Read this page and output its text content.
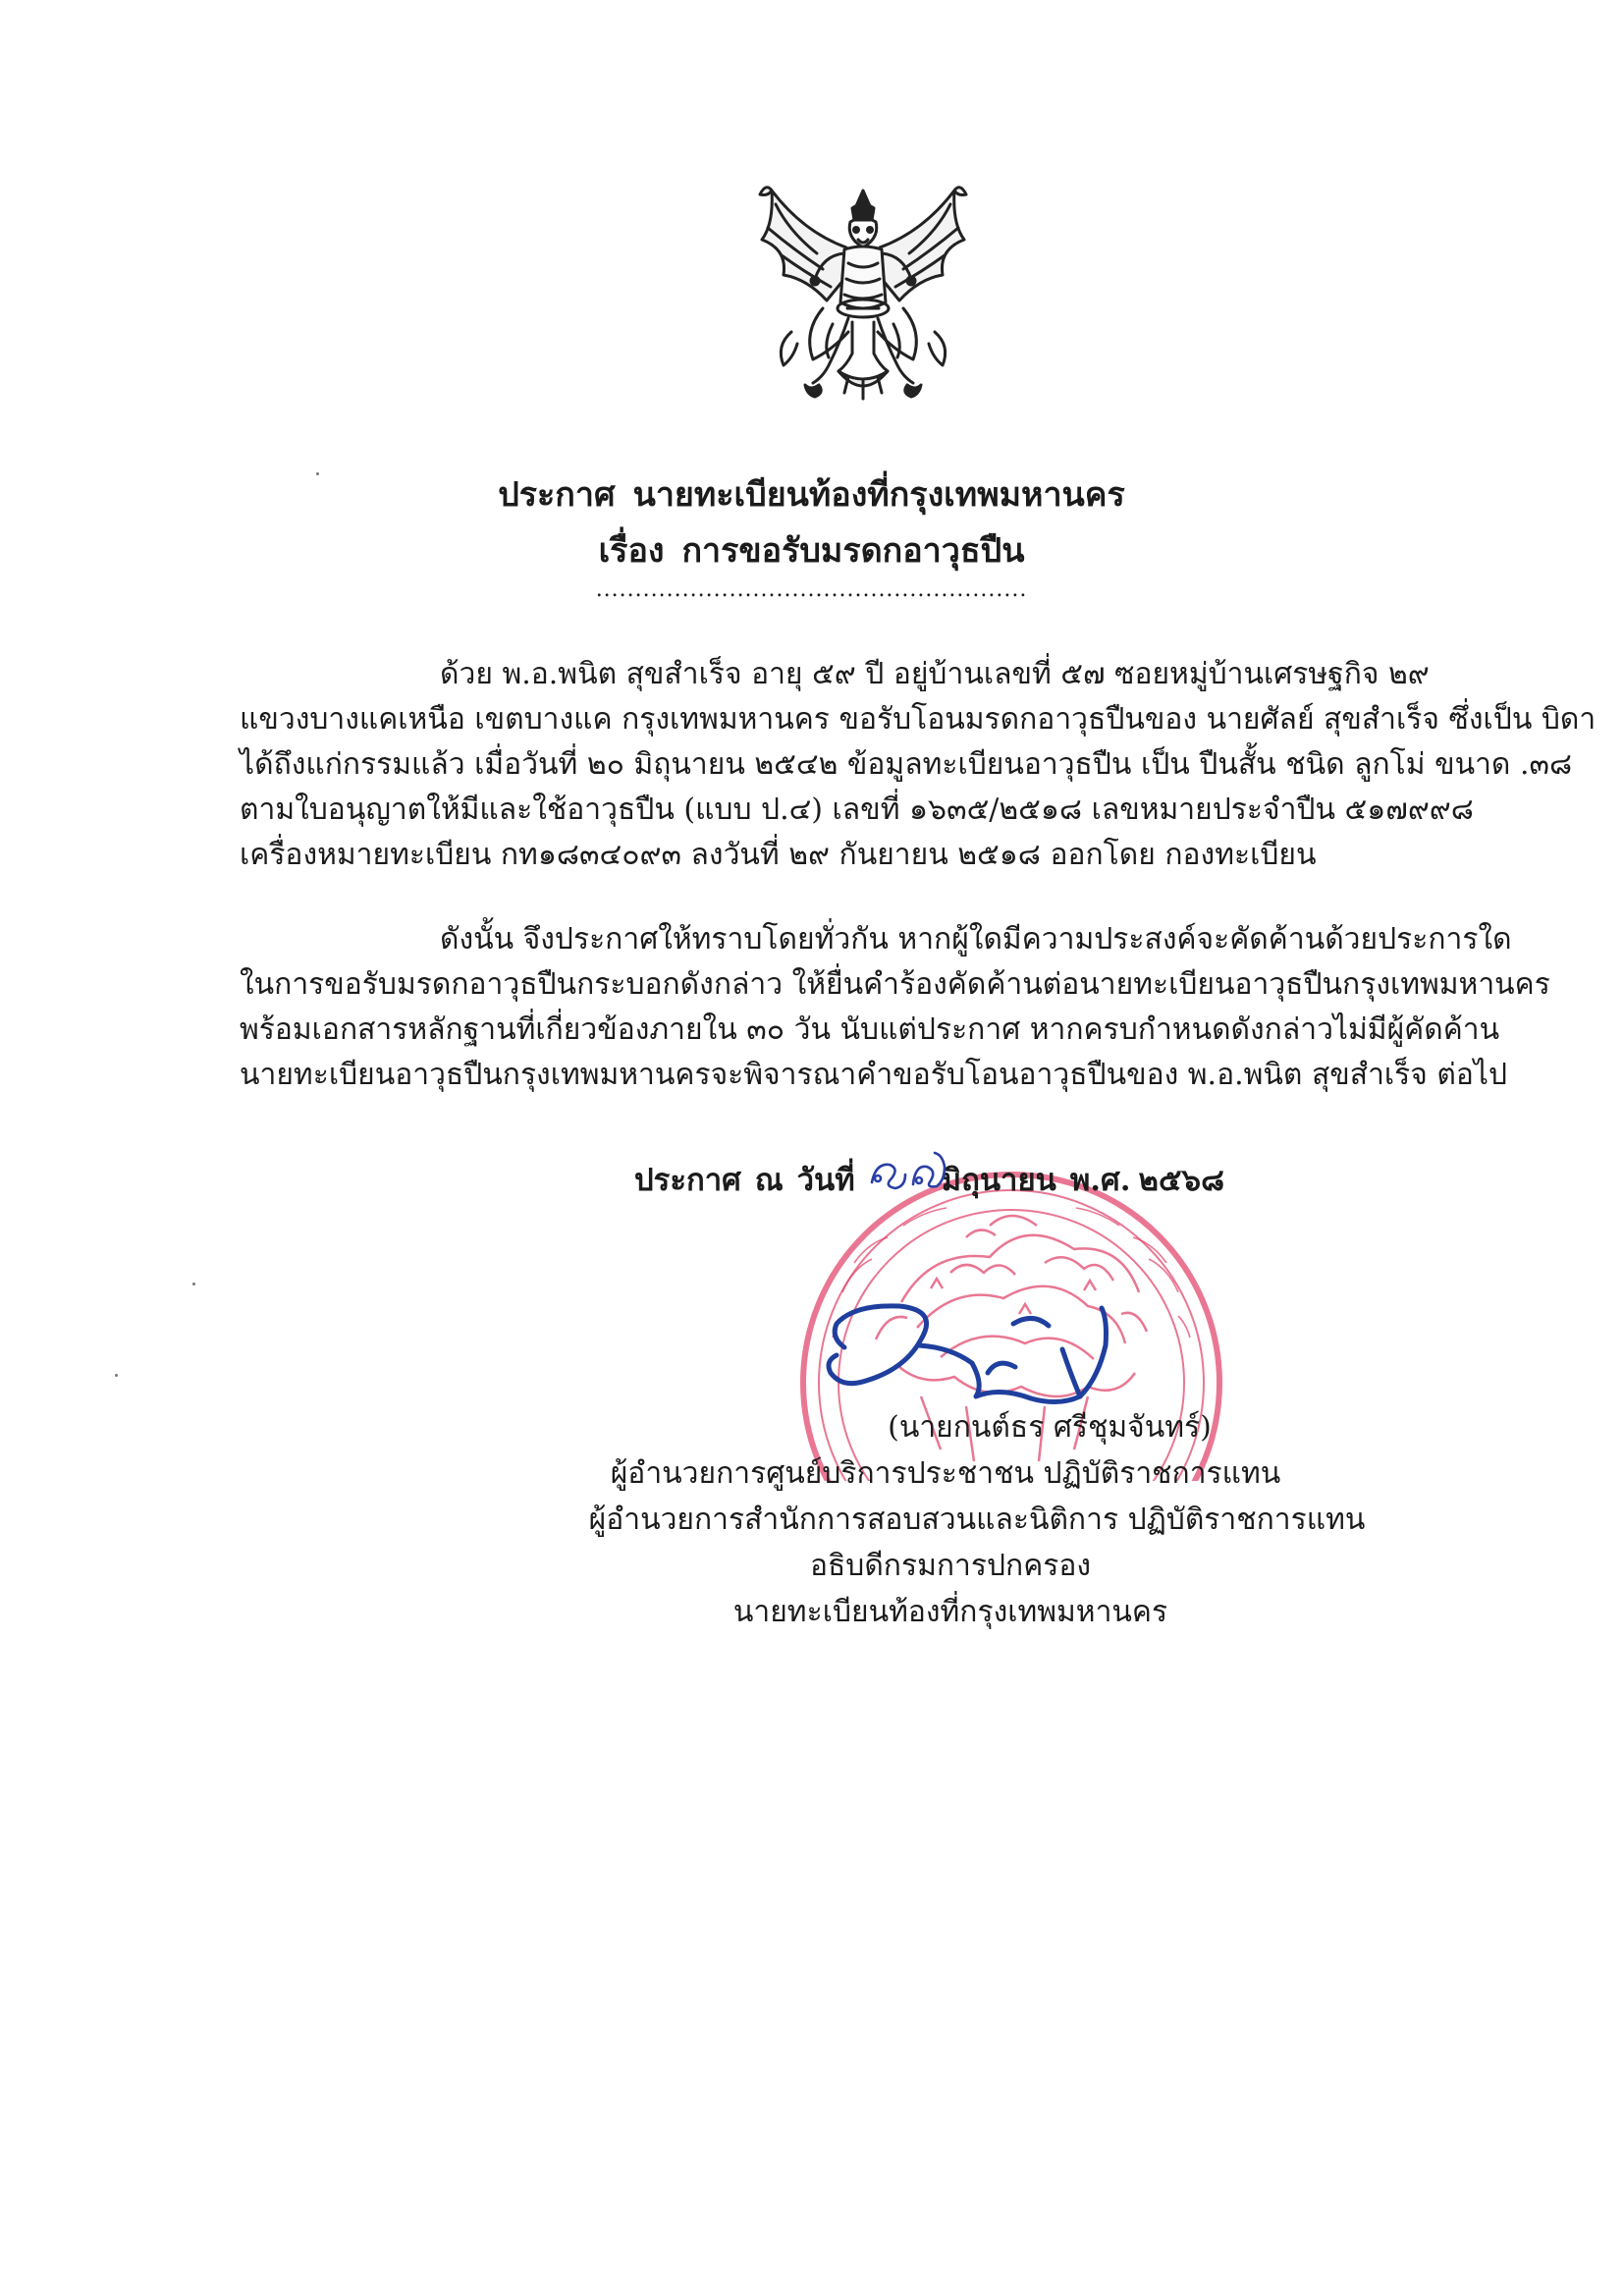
ประกาศ นายทะเบียนท้องที่กรุงเทพมหานคร
เรื่อง การขอรับมรดกอาวุธปืน
.......................................................
ด้วย พ.อ.พนิต สุขสำเร็จ อายุ ๕๙ ปี อยู่บ้านเลขที่ ๕๗ ซอยหมู่บ้านเศรษฐกิจ ๒๙
แขวงบางแคเหนือ เขตบางแค กรุงเทพมหานคร ขอรับโอนมรดกอาวุธปืนของ นายศัลย์ สุขสำเร็จ ซึ่งเป็น บิดา
ได้ถึงแก่กรรมแล้ว เมื่อวันที่ ๒๐ มิถุนายน ๒๕๔๒ ข้อมูลทะเบียนอาวุธปืน เป็น ปืนสั้น ชนิด ลูกโม่ ขนาด .๓๘
ตามใบอนุญาตให้มีและใช้อาวุธปืน (แบบ ป.๔) เลขที่ ๑๖๓๕/๒๕๑๘ เลขหมายประจำปืน ๕๑๗๙๙๘
เครื่องหมายทะเบียน กท๑๘๓๔๐๙๓ ลงวันที่ ๒๙ กันยายน ๒๕๑๘ ออกโดย กองทะเบียน
ดังนั้น จึงประกาศให้ทราบโดยทั่วกัน หากผู้ใดมีความประสงค์จะคัดค้านด้วยประการใด
ในการขอรับมรดกอาวุธปืนกระบอกดังกล่าว ให้ยื่นคำร้องคัดค้านต่อนายทะเบียนอาวุธปืนกรุงเทพมหานคร
พร้อมเอกสารหลักฐานที่เกี่ยวข้องภายใน ๓๐ วัน นับแต่ประกาศ หากครบกำหนดดังกล่าวไม่มีผู้คัดค้าน
นายทะเบียนอาวุธปืนกรุงเทพมหานครจะพิจารณาคำขอรับโอนอาวุธปืนของ พ.อ.พนิต สุขสำเร็จ ต่อไป
ประกาศ ณ วันที่	มิถุนายน พ.ศ. ๒๕๖๘
(นายกนต์ธร ศรีชุมจันทร์)
ผู้อำนวยการศูนย์บริการประชาชน ปฏิบัติราชการแทน
ผู้อำนวยการสำนักการสอบสวนและนิติการ ปฏิบัติราชการแทน
อธิบดีกรมการปกครอง
นายทะเบียนท้องที่กรุงเทพมหานคร
